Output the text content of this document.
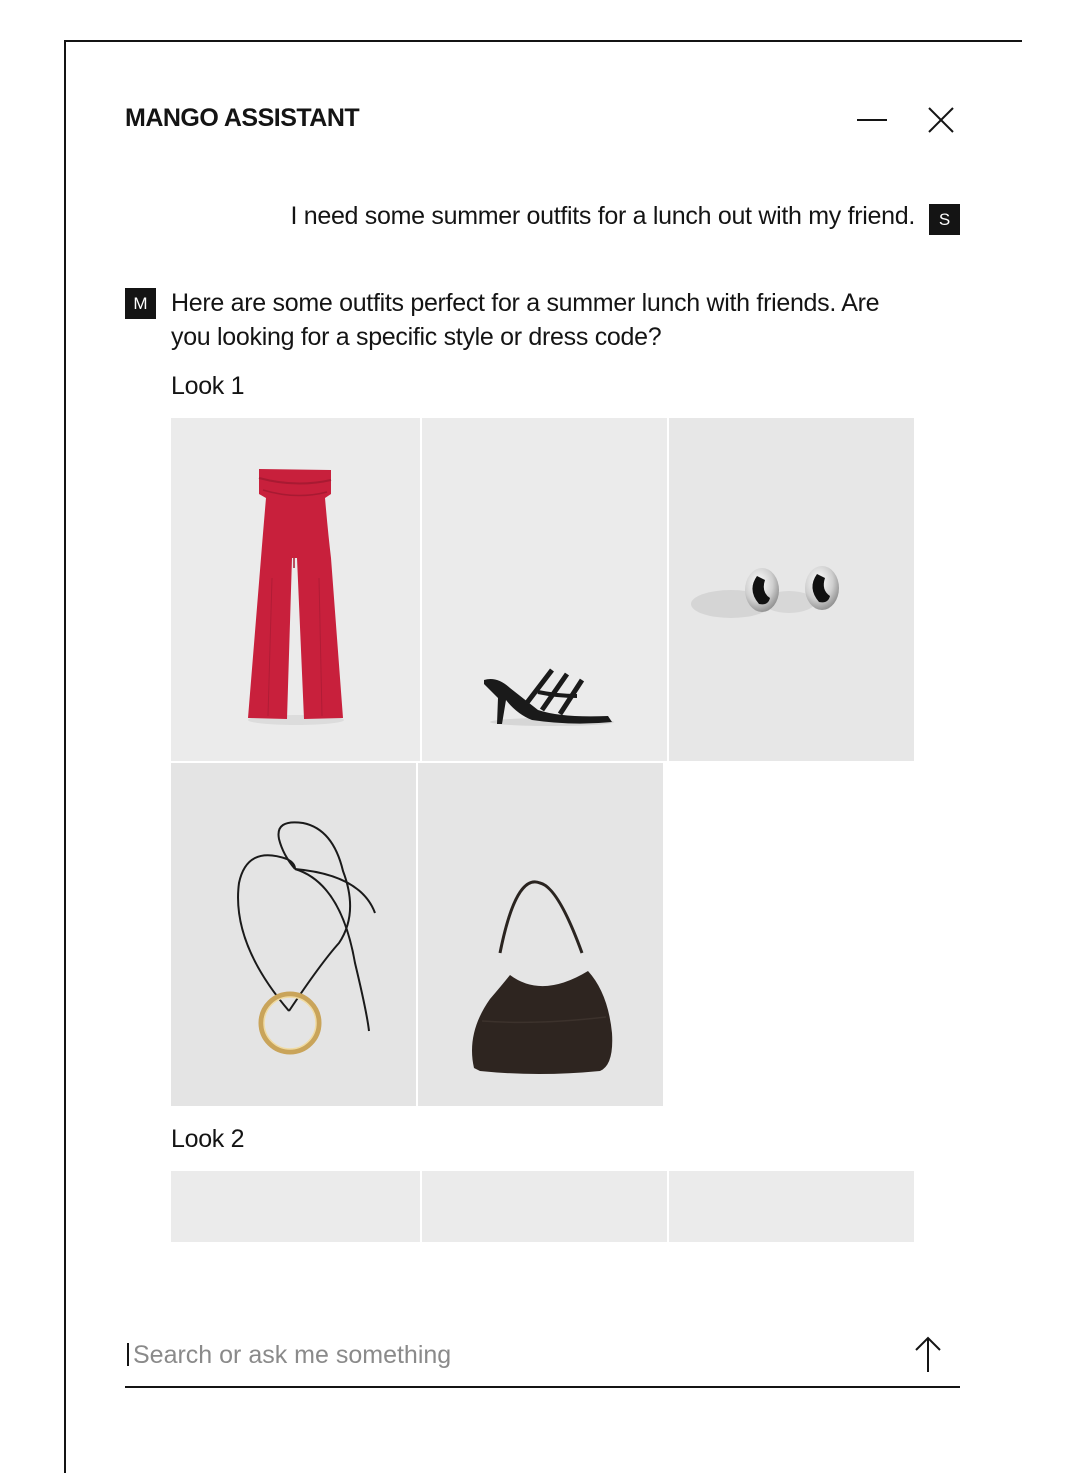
MANGO ASSISTANT
I need some summer outfits for a lunch out with my friend.	S
M Here are some outfits perfect for a summer lunch with friends. Are you looking for a specific style or dress code?
Look 1
Look 2
Search or ask me something
